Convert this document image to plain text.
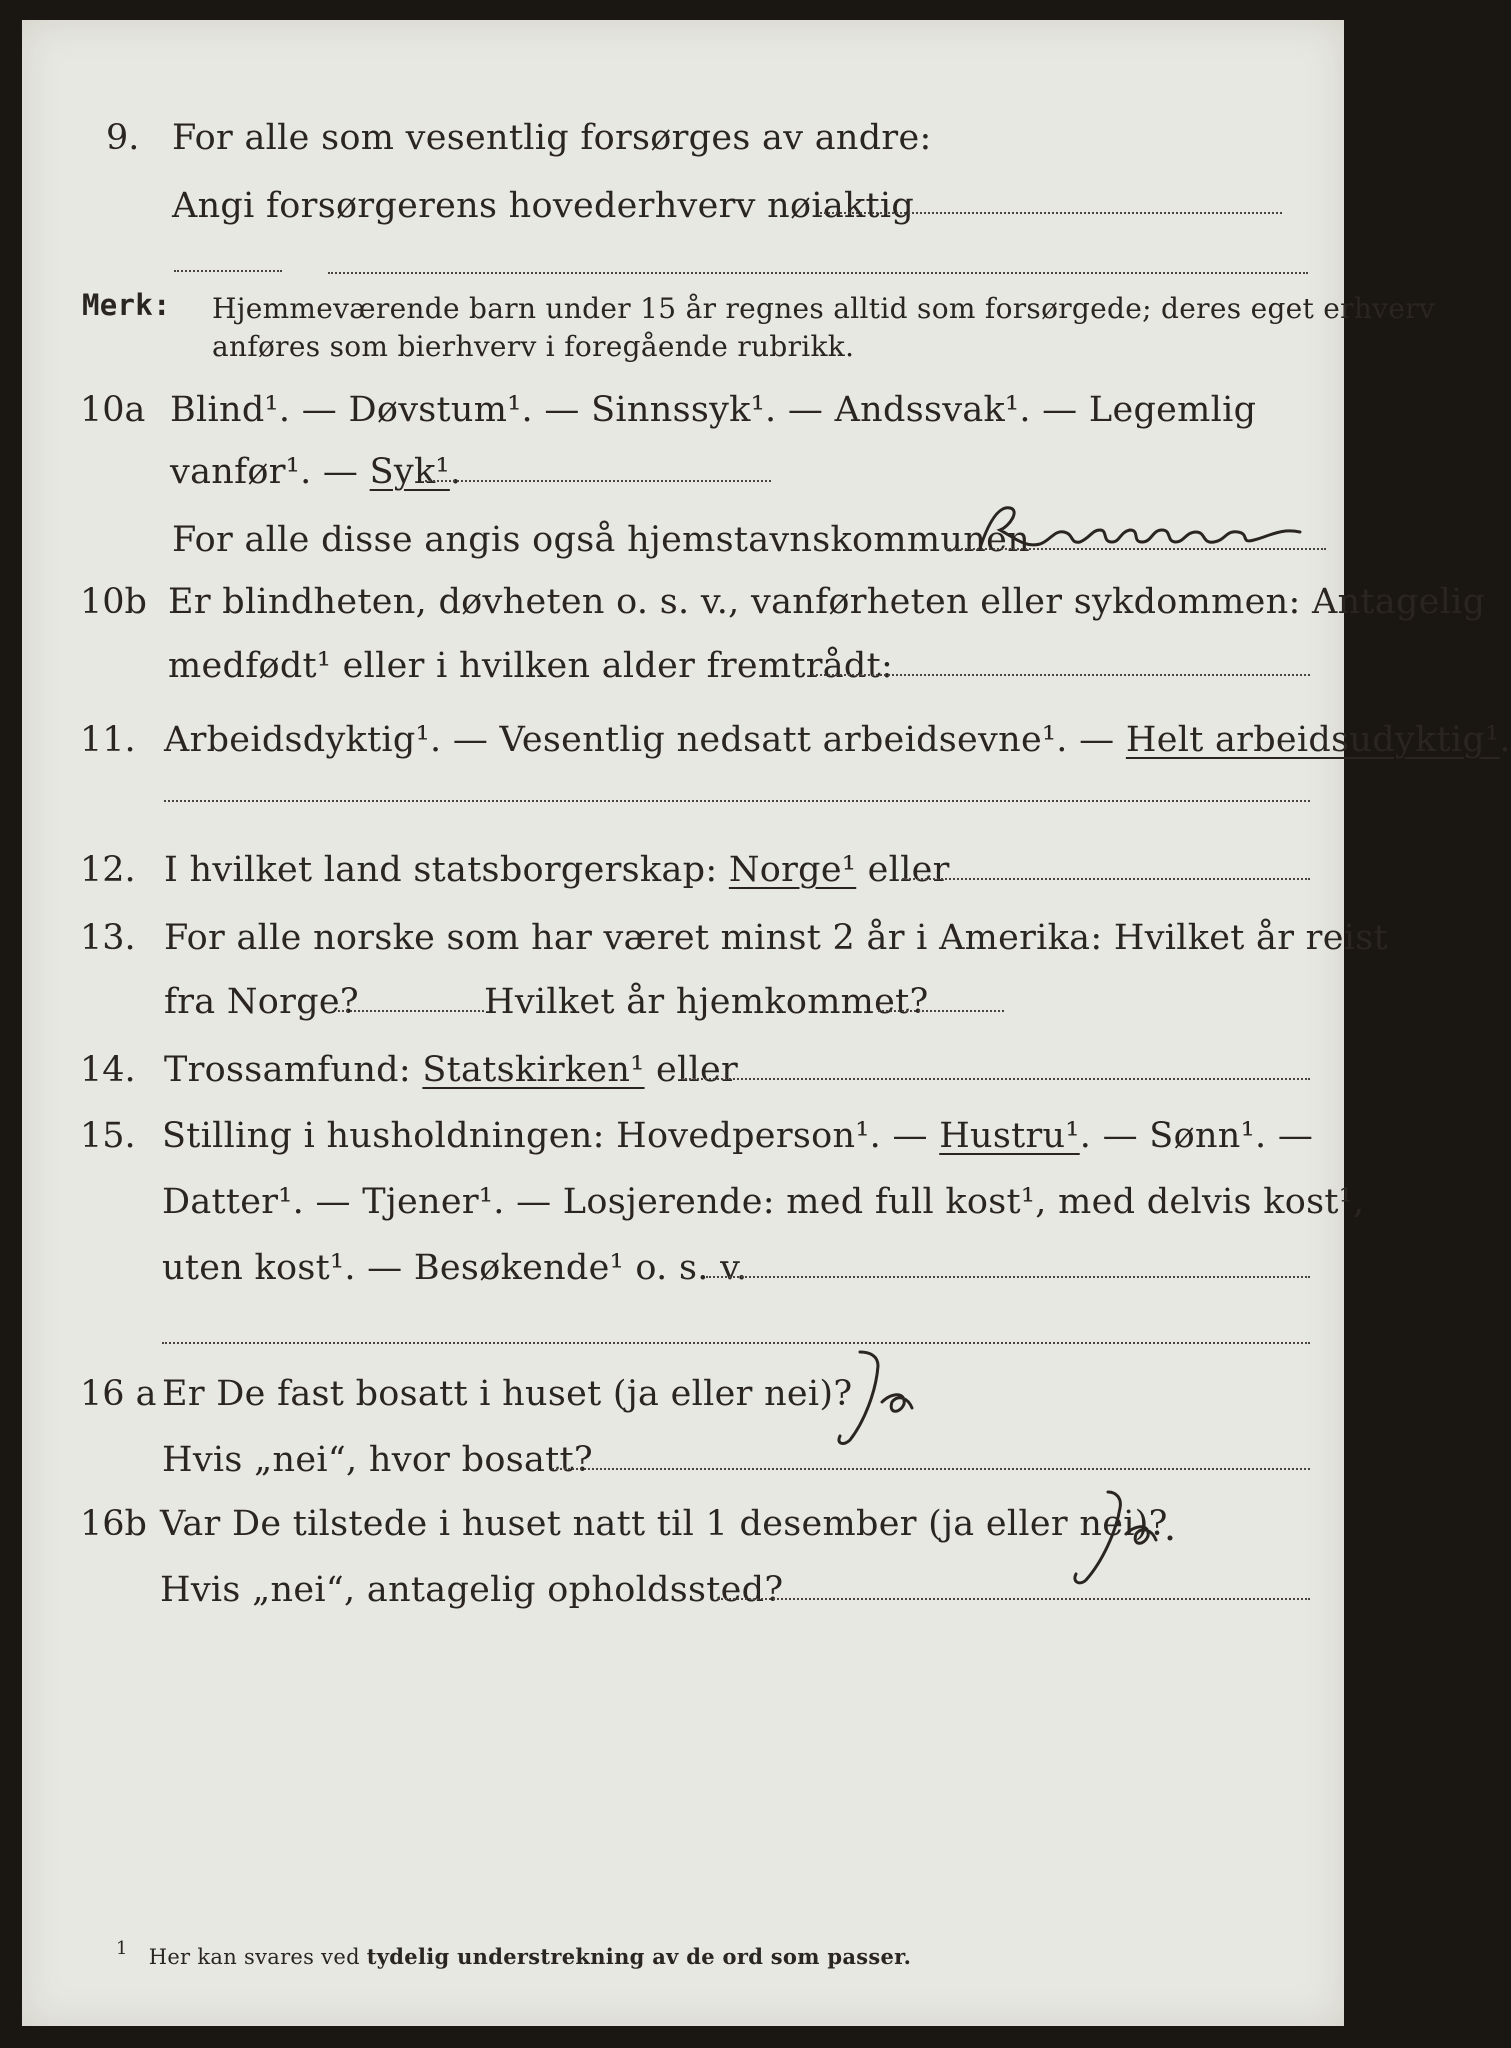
9. For alle som vesentlig forsørges av andre:
Angi forsørgerens hovederhverv nøiaktig
Merk: Hjemmeværende barn under 15 år regnes alltid som forsørgede; deres eget erhverv
anføres som bierhverv i foregående rubrikk.
10a Blind¹. — Døvstum¹. — Sinnssyk¹. — Andssvak¹. — Legemlig
vanfør¹. — Syk¹.
For alle disse angis også hjemstavnskommunen
Romnes
10b Er blindheten, døvheten o. s. v., vanførheten eller sykdommen: Antagelig
medfødt¹ eller i hvilken alder fremtrådt:
11. Arbeidsdyktig¹. — Vesentlig nedsatt arbeidsevne¹. — Helt arbeidsudyktig¹.
12. I hvilket land statsborgerskap: Norge¹ eller
13. For alle norske som har været minst 2 år i Amerika: Hvilket år reist
fra Norge?	Hvilket år hjemkommet?
14. Trossamfund: Statskirken¹ eller
15. Stilling i husholdningen: Hovedperson¹. — Hustru¹. — Sønn¹. —
Datter¹. — Tjener¹. — Losjerende: med full kost¹, med delvis kost¹,
uten kost¹. — Besøkende¹ o. s. v.
16 a Er De fast bosatt i huset (ja eller nei)?
Ja
Hvis „nei“, hvor bosatt?
16b Var De tilstede i huset natt til 1 desember (ja eller nei)?
Ja.
Hvis „nei“, antagelig opholdssted?
1 Her kan svares ved tydelig understrekning av de ord som passer.
